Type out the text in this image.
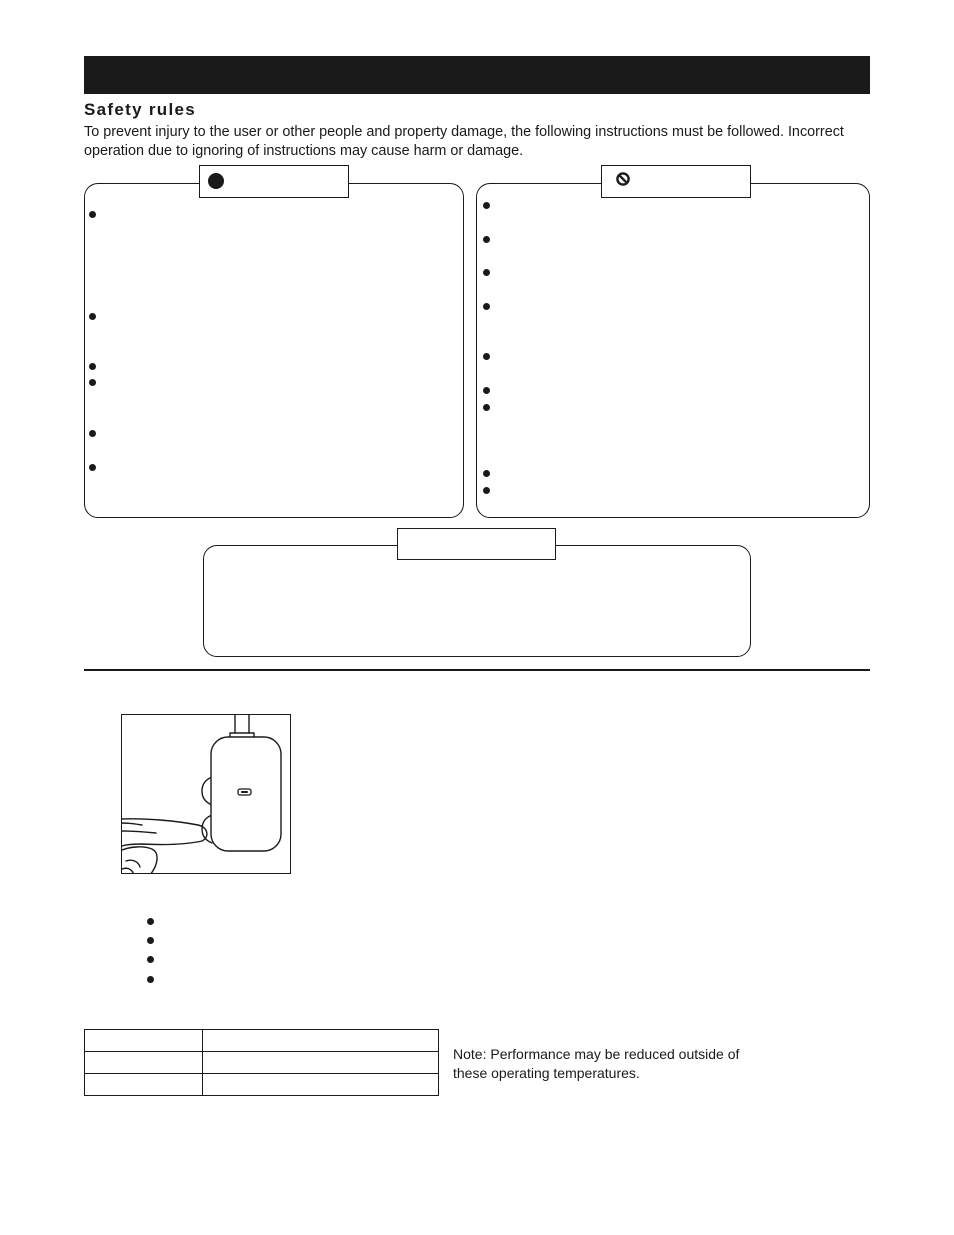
Safety rules
To prevent injury to the user or other people and property damage, the following instructions must be followed. Incorrect operation due to ignoring of instructions may cause harm or damage.

Note: Performance may be reduced outside of these operating temperatures.
